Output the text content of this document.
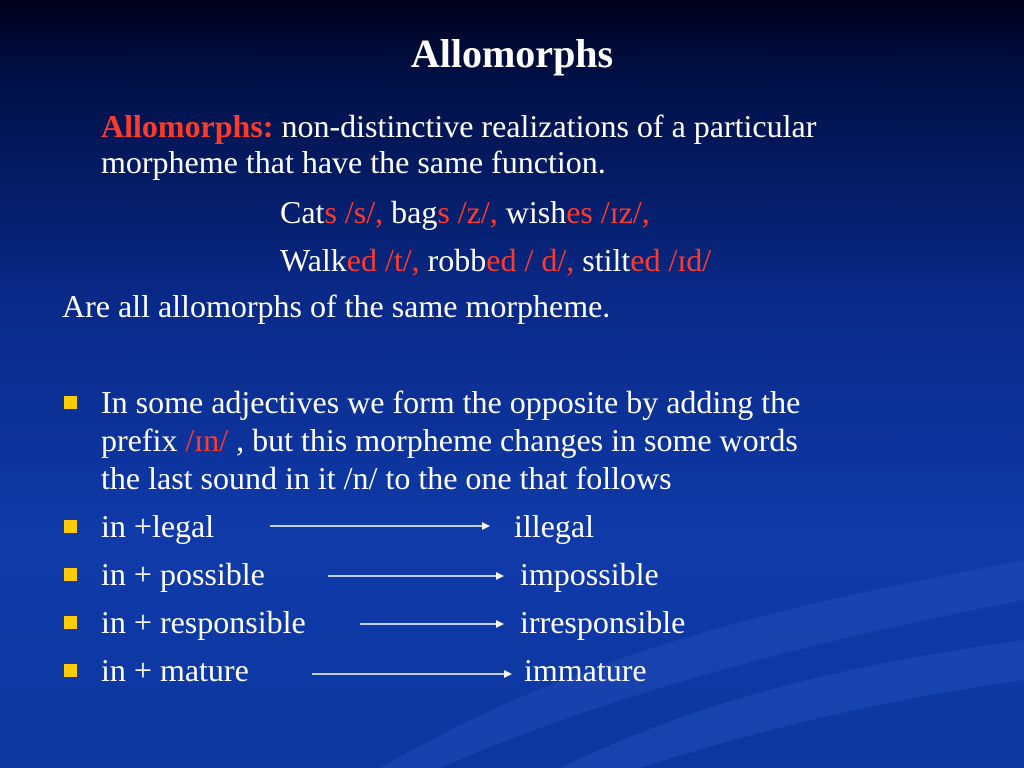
Allomorphs
Allomorphs: non-distinctive realizations of a particular
morpheme that have the same function.
Cats /s/, bags /z/, wishes /ɪz/,
Walked /t/, robbed / d/, stilted /ɪd/
Are all allomorphs of the same morpheme.
In some adjectives we form the opposite by adding the
prefix /ɪn/ , but this morpheme changes in some words
the last sound in it /n/ to the one that follows
in +legal	illegal
in + possible	impossible
in + responsible	irresponsible
in + mature	immature
